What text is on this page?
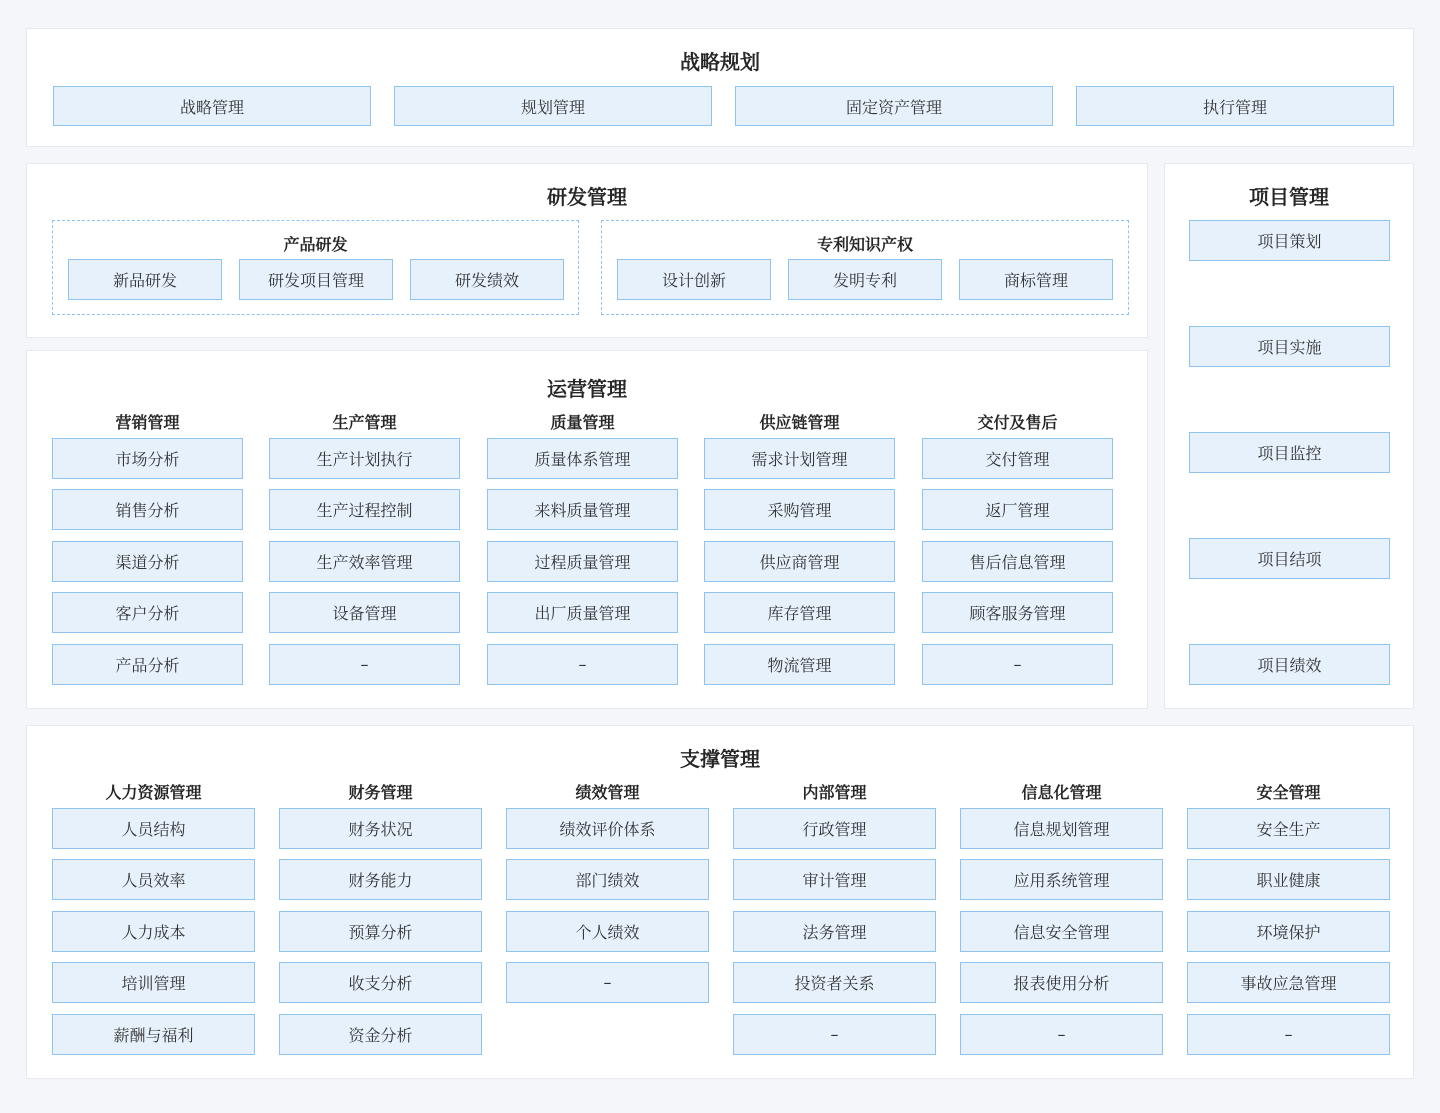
战略规划
战略管理	规划管理	固定资产管理	执行管理
研发管理
产品研发
新品研发	研发项目管理	研发绩效
专利知识产权
设计创新	发明专利	商标管理
项目管理
项目策划
项目实施
项目监控
项目结项
项目绩效
运营管理
营销管理
市场分析
销售分析
渠道分析
客户分析
产品分析
生产管理
生产计划执行
生产过程控制
生产效率管理
设备管理
–
质量管理
质量体系管理
来料质量管理
过程质量管理
出厂质量管理
–
供应链管理
需求计划管理
采购管理
供应商管理
库存管理
物流管理
交付及售后
交付管理
返厂管理
售后信息管理
顾客服务管理
–
支撑管理
人力资源管理
人员结构
人员效率
人力成本
培训管理
薪酬与福利
财务管理
财务状况
财务能力
预算分析
收支分析
资金分析
绩效管理
绩效评价体系
部门绩效
个人绩效
–
内部管理
行政管理
审计管理
法务管理
投资者关系
–
信息化管理
信息规划管理
应用系统管理
信息安全管理
报表使用分析
–
安全管理
安全生产
职业健康
环境保护
事故应急管理
–
